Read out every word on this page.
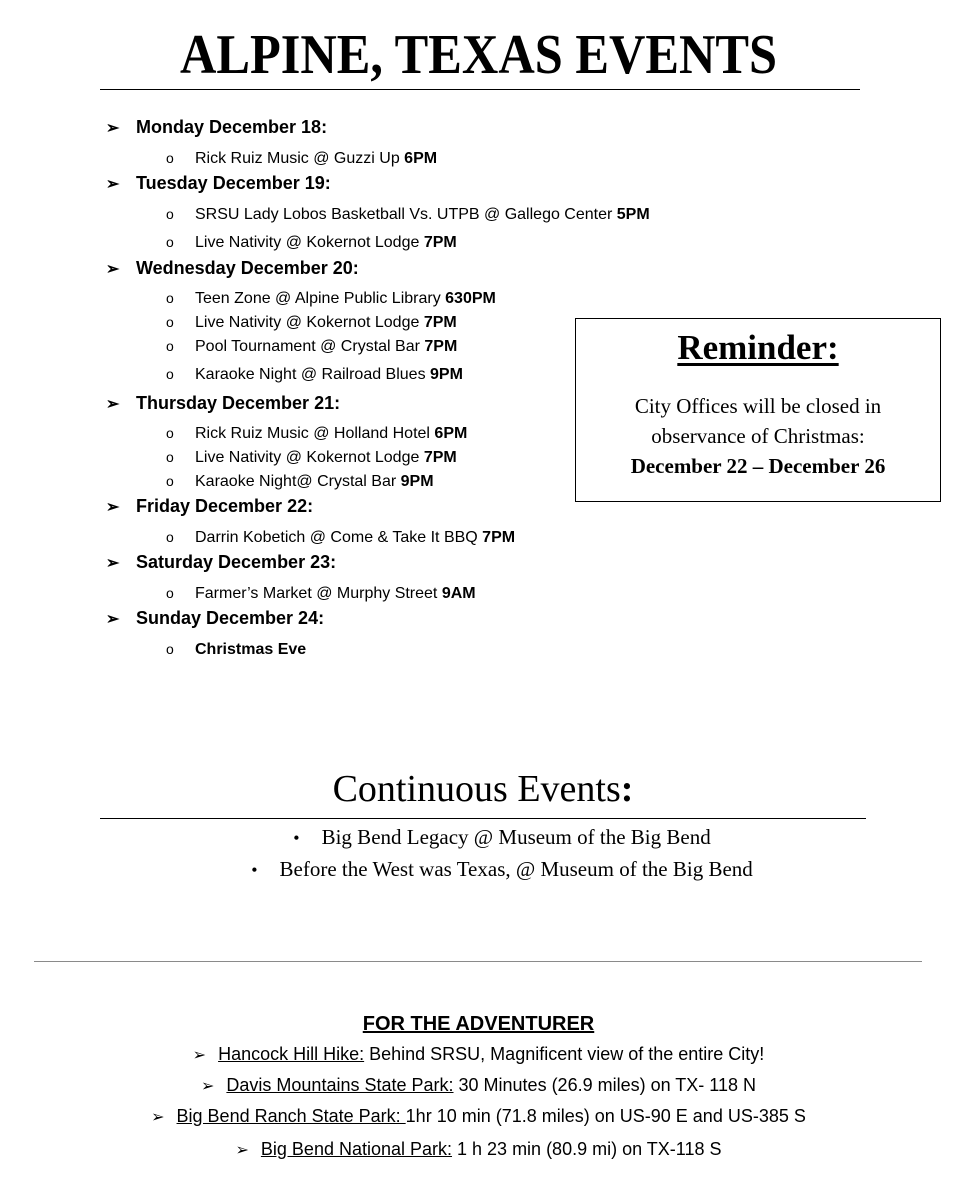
ALPINE, TEXAS EVENTS
➢ Monday December 18:
o Rick Ruiz Music @ Guzzi Up 6PM
➢ Tuesday December 19:
o SRSU Lady Lobos Basketball Vs. UTPB @ Gallego Center 5PM
o Live Nativity @ Kokernot Lodge 7PM
➢ Wednesday December 20:
o Teen Zone @ Alpine Public Library 630PM
o Live Nativity @ Kokernot Lodge 7PM
o Pool Tournament @ Crystal Bar 7PM
o Karaoke Night @ Railroad Blues 9PM
➢ Thursday December 21:
o Rick Ruiz Music @ Holland Hotel 6PM
o Live Nativity @ Kokernot Lodge 7PM
o Karaoke Night@ Crystal Bar 9PM
➢ Friday December 22:
o Darrin Kobetich @ Come & Take It BBQ 7PM
➢ Saturday December 23:
o Farmer’s Market @ Murphy Street 9AM
➢ Sunday December 24:
o Christmas Eve
Reminder:
City Offices will be closed in
observance of Christmas:
December 22 – December 26
Continuous Events:
• Big Bend Legacy @ Museum of the Big Bend
• Before the West was Texas, @ Museum of the Big Bend
FOR THE ADVENTURER
➢ Hancock Hill Hike: Behind SRSU, Magnificent view of the entire City!
➢ Davis Mountains State Park: 30 Minutes (26.9 miles) on TX- 118 N
➢ Big Bend Ranch State Park: 1hr 10 min (71.8 miles) on US-90 E and US-385 S
➢ Big Bend National Park: 1 h 23 min (80.9 mi) on TX-118 S
